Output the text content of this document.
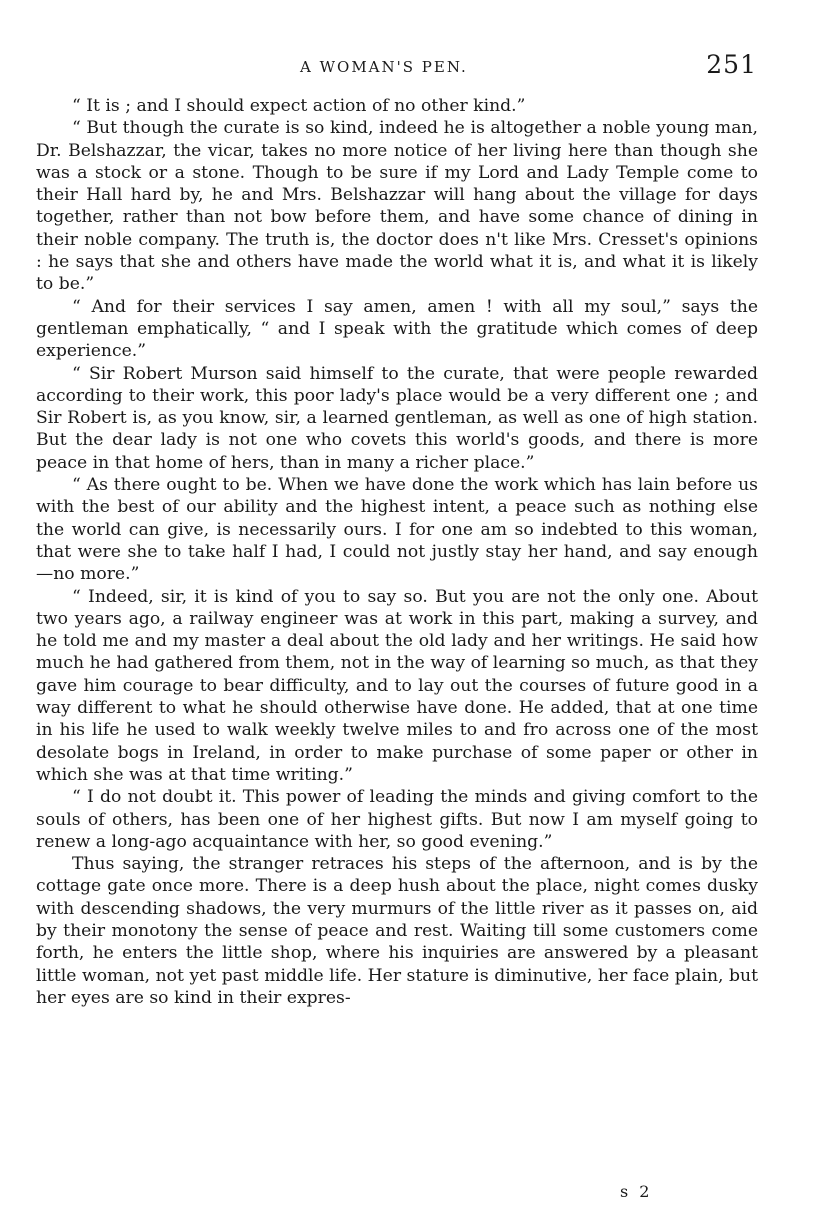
A WOMAN'S PEN.	251

“ It is ; and I should expect action of no other kind.”

“ But though the curate is so kind, indeed he is altogether a noble young man, Dr. Belshazzar, the vicar, takes no more notice of her living here than though she was a stock or a stone. Though to be sure if my Lord and Lady Temple come to their Hall hard by, he and Mrs. Belshazzar will hang about the village for days together, rather than not bow before them, and have some chance of dining in their noble company. The truth is, the doctor does n't like Mrs. Cresset's opinions : he says that she and others have made the world what it is, and what it is likely to be.”

“ And for their services I say amen, amen ! with all my soul,” says the gentleman emphatically, “ and I speak with the gratitude which comes of deep experience.”

“ Sir Robert Murson said himself to the curate, that were people rewarded according to their work, this poor lady's place would be a very different one ; and Sir Robert is, as you know, sir, a learned gentleman, as well as one of high station. But the dear lady is not one who covets this world's goods, and there is more peace in that home of hers, than in many a richer place.”

“ As there ought to be. When we have done the work which has lain before us with the best of our ability and the highest intent, a peace such as nothing else the world can give, is necessarily ours. I for one am so indebted to this woman, that were she to take half I had, I could not justly stay her hand, and say enough —no more.”

“ Indeed, sir, it is kind of you to say so. But you are not the only one. About two years ago, a railway engineer was at work in this part, making a survey, and he told me and my master a deal about the old lady and her writings. He said how much he had gathered from them, not in the way of learning so much, as that they gave him courage to bear difficulty, and to lay out the courses of future good in a way different to what he should otherwise have done. He added, that at one time in his life he used to walk weekly twelve miles to and fro across one of the most desolate bogs in Ireland, in order to make purchase of some paper or other in which she was at that time writing.”

“ I do not doubt it. This power of leading the minds and giving comfort to the souls of others, has been one of her highest gifts. But now I am myself going to renew a long-ago acquaintance with her, so good evening.”

Thus saying, the stranger retraces his steps of the afternoon, and is by the cottage gate once more. There is a deep hush about the place, night comes dusky with descending shadows, the very murmurs of the little river as it passes on, aid by their monotony the sense of peace and rest. Waiting till some customers come forth, he enters the little shop, where his inquiries are answered by a pleasant little woman, not yet past middle life. Her stature is diminutive, her face plain, but her eyes are so kind in their expres-

s 2
